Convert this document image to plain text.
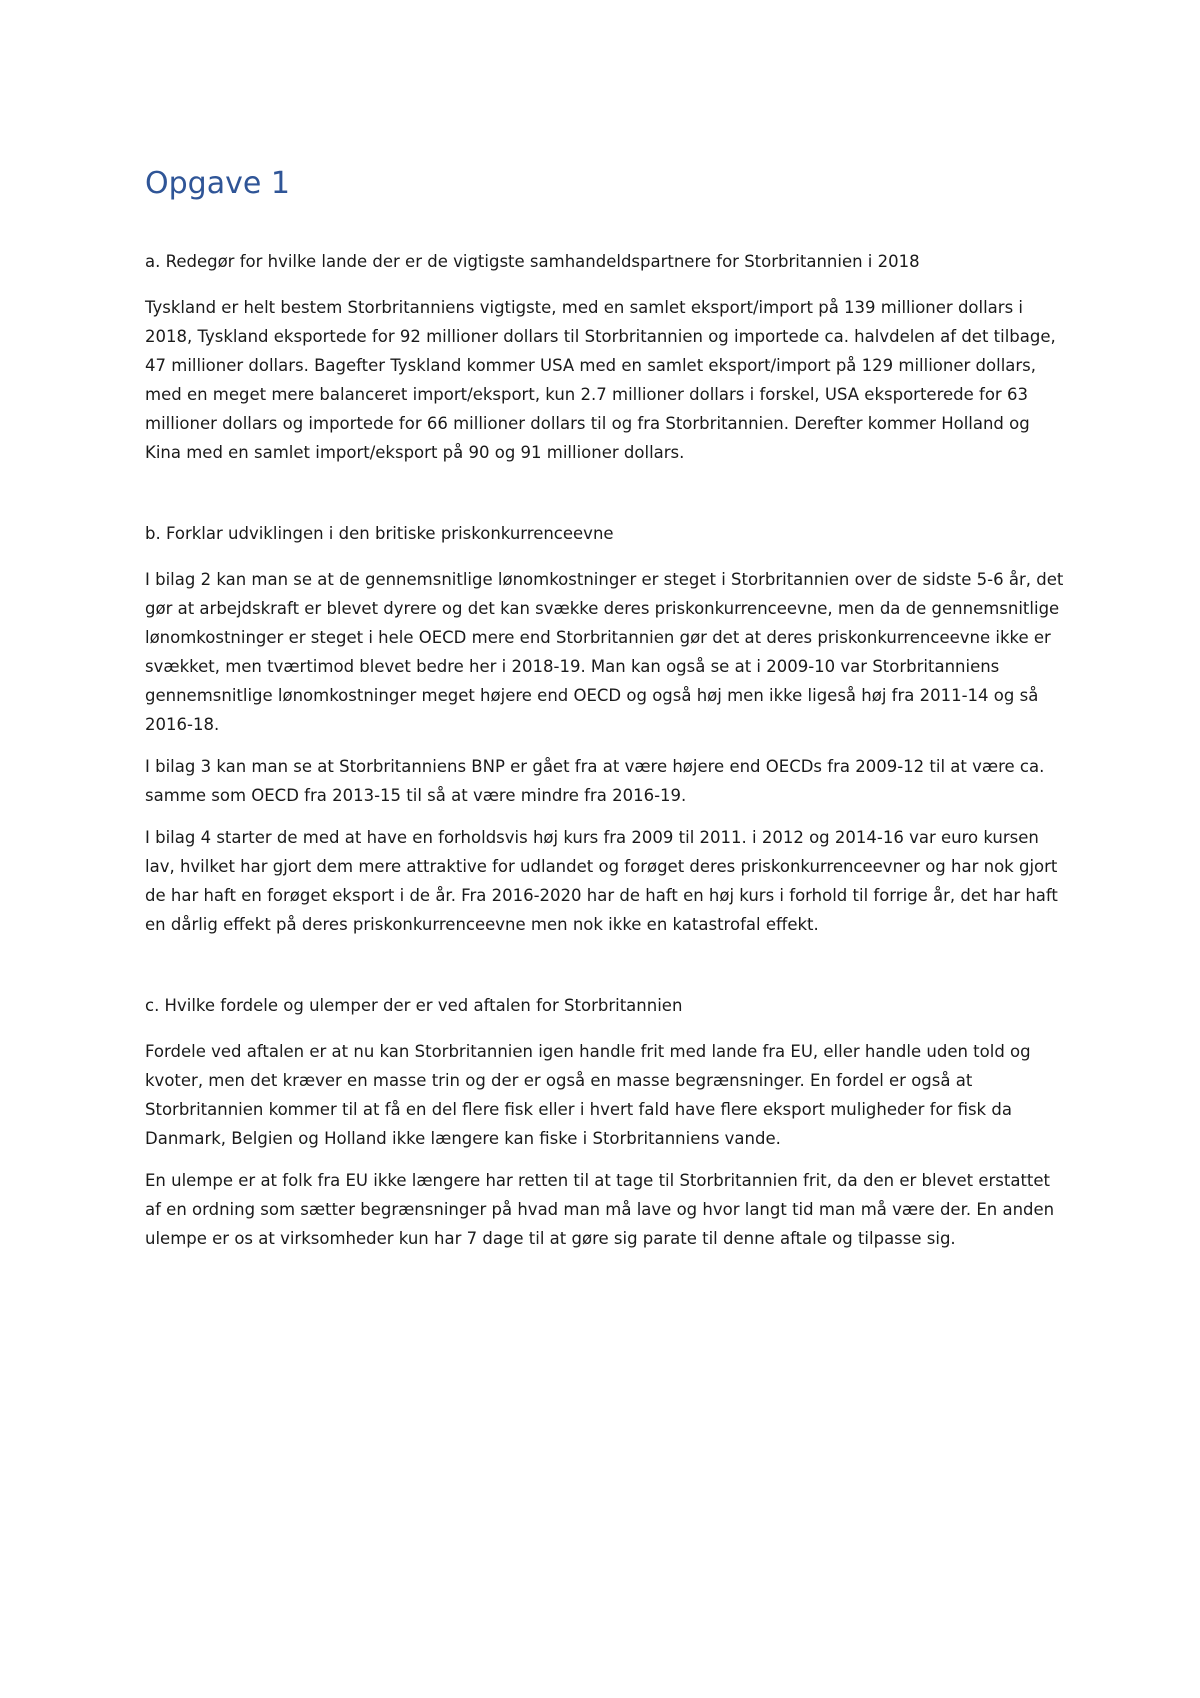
Opgave 1

a. Redegør for hvilke lande der er de vigtigste samhandeldspartnere for Storbritannien i 2018

Tyskland er helt bestem Storbritanniens vigtigste, med en samlet eksport/import på 139 millioner dollars i 2018, Tyskland eksportede for 92 millioner dollars til Storbritannien og importede ca. halvdelen af det tilbage, 47 millioner dollars. Bagefter Tyskland kommer USA med en samlet eksport/import på 129 millioner dollars, med en meget mere balanceret import/eksport, kun 2.7 millioner dollars i forskel, USA eksporterede for 63 millioner dollars og importede for 66 millioner dollars til og fra Storbritannien. Derefter kommer Holland og Kina med en samlet import/eksport på 90 og 91 millioner dollars.

b. Forklar udviklingen i den britiske priskonkurrenceevne

I bilag 2 kan man se at de gennemsnitlige lønomkostninger er steget i Storbritannien over de sidste 5-6 år, det gør at arbejdskraft er blevet dyrere og det kan svække deres priskonkurrenceevne, men da de gennemsnitlige lønomkostninger er steget i hele OECD mere end Storbritannien gør det at deres priskonkurrenceevne ikke er svækket, men tværtimod blevet bedre her i 2018-19. Man kan også se at i 2009-10 var Storbritanniens gennemsnitlige lønomkostninger meget højere end OECD og også høj men ikke ligeså høj fra 2011-14 og så 2016-18.

I bilag 3 kan man se at Storbritanniens BNP er gået fra at være højere end OECDs fra 2009-12 til at være ca. samme som OECD fra 2013-15 til så at være mindre fra 2016-19.

I bilag 4 starter de med at have en forholdsvis høj kurs fra 2009 til 2011. i 2012 og 2014-16 var euro kursen lav, hvilket har gjort dem mere attraktive for udlandet og forøget deres priskonkurrenceevner og har nok gjort de har haft en forøget eksport i de år. Fra 2016-2020 har de haft en høj kurs i forhold til forrige år, det har haft en dårlig effekt på deres priskonkurrenceevne men nok ikke en katastrofal effekt.

c. Hvilke fordele og ulemper der er ved aftalen for Storbritannien

Fordele ved aftalen er at nu kan Storbritannien igen handle frit med lande fra EU, eller handle uden told og kvoter, men det kræver en masse trin og der er også en masse begrænsninger. En fordel er også at Storbritannien kommer til at få en del flere fisk eller i hvert fald have flere eksport muligheder for fisk da Danmark, Belgien og Holland ikke længere kan fiske i Storbritanniens vande.

En ulempe er at folk fra EU ikke længere har retten til at tage til Storbritannien frit, da den er blevet erstattet af en ordning som sætter begrænsninger på hvad man må lave og hvor langt tid man må være der. En anden ulempe er os at virksomheder kun har 7 dage til at gøre sig parate til denne aftale og tilpasse sig.
